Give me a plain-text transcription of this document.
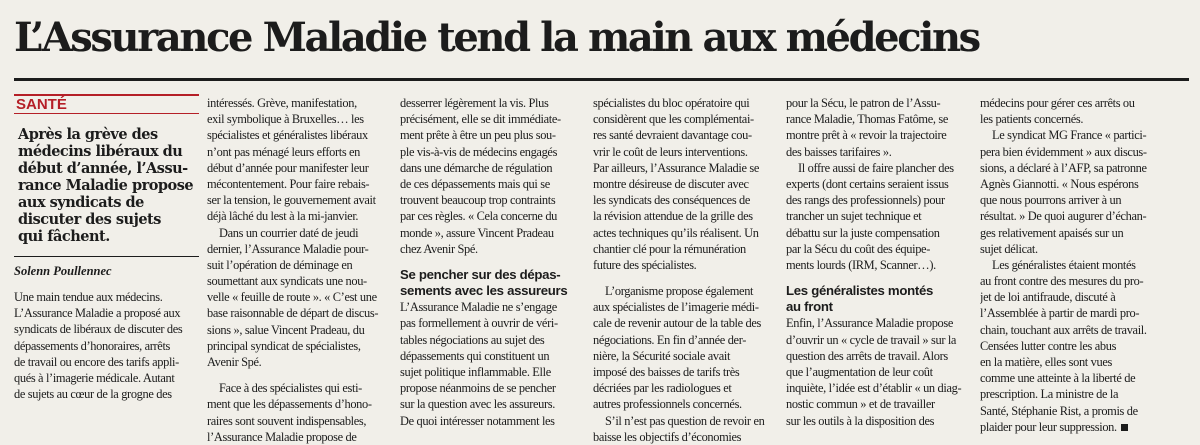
L’Assurance Maladie tend la main aux médecins
SANTÉ
Après la grève des
médecins libéraux du
début d’année, l’Assu-
rance Maladie propose
aux syndicats de
discuter des sujets
qui fâchent.
Solenn Poullennec
Une main tendue aux médecins.
L’Assurance Maladie a proposé aux
syndicats de libéraux de discuter des
dépassements d’honoraires, arrêts
de travail ou encore des tarifs appli-
qués à l’imagerie médicale. Autant
de sujets au cœur de la grogne des
intéressés. Grève, manifestation,
exil symbolique à Bruxelles… les
spécialistes et généralistes libéraux
n’ont pas ménagé leurs efforts en
début d’année pour manifester leur
mécontentement. Pour faire rebais-
ser la tension, le gouvernement avait
déjà lâché du lest à la mi-janvier.
Dans un courrier daté de jeudi
dernier, l’Assurance Maladie pour-
suit l’opération de déminage en
soumettant aux syndicats une nou-
velle « feuille de route ». « C’est une
base raisonnable de départ de discus-
sions », salue Vincent Pradeau, du
principal syndicat de spécialistes,
Avenir Spé.
Face à des spécialistes qui esti-
ment que les dépassements d’hono-
raires sont souvent indispensables,
l’Assurance Maladie propose de
desserrer légèrement la vis. Plus
précisément, elle se dit immédiate-
ment prête à être un peu plus sou-
ple vis-à-vis de médecins engagés
dans une démarche de régulation
de ces dépassements mais qui se
trouvent beaucoup trop contraints
par ces règles. « Cela concerne du
monde », assure Vincent Pradeau
chez Avenir Spé.
Se pencher sur des dépas-
sements avec les assureurs
L’Assurance Maladie ne s’engage
pas formellement à ouvrir de véri-
tables négociations au sujet des
dépassements qui constituent un
sujet politique inflammable. Elle
propose néanmoins de se pencher
sur la question avec les assureurs.
De quoi intéresser notamment les
spécialistes du bloc opératoire qui
considèrent que les complémentai-
res santé devraient davantage cou-
vrir le coût de leurs interventions.
Par ailleurs, l’Assurance Maladie se
montre désireuse de discuter avec
les syndicats des conséquences de
la révision attendue de la grille des
actes techniques qu’ils réalisent. Un
chantier clé pour la rémunération
future des spécialistes.
L’organisme propose également
aux spécialistes de l’imagerie médi-
cale de revenir autour de la table des
négociations. En fin d’année der-
nière, la Sécurité sociale avait
imposé des baisses de tarifs très
décriées par les radiologues et
autres professionnels concernés.
S’il n’est pas question de revoir en
baisse les objectifs d’économies
pour la Sécu, le patron de l’Assu-
rance Maladie, Thomas Fatôme, se
montre prêt à « revoir la trajectoire
des baisses tarifaires ».
Il offre aussi de faire plancher des
experts (dont certains seraient issus
des rangs des professionnels) pour
trancher un sujet technique et
débattu sur la juste compensation
par la Sécu du coût des équipe-
ments lourds (IRM, Scanner…).
Les généralistes montés
au front
Enfin, l’Assurance Maladie propose
d’ouvrir un « cycle de travail » sur la
question des arrêts de travail. Alors
que l’augmentation de leur coût
inquiète, l’idée est d’établir « un diag-
nostic commun » et de travailler
sur les outils à la disposition des
médecins pour gérer ces arrêts ou
les patients concernés.
Le syndicat MG France « partici-
pera bien évidemment » aux discus-
sions, a déclaré à l’AFP, sa patronne
Agnès Giannotti. « Nous espérons
que nous pourrons arriver à un
résultat. » De quoi augurer d’échan-
ges relativement apaisés sur un
sujet délicat.
Les généralistes étaient montés
au front contre des mesures du pro-
jet de loi antifraude, discuté à
l’Assemblée à partir de mardi pro-
chain, touchant aux arrêts de travail.
Censées lutter contre les abus
en la matière, elles sont vues
comme une atteinte à la liberté de
prescription. La ministre de la
Santé, Stéphanie Rist, a promis de
plaider pour leur suppression.
